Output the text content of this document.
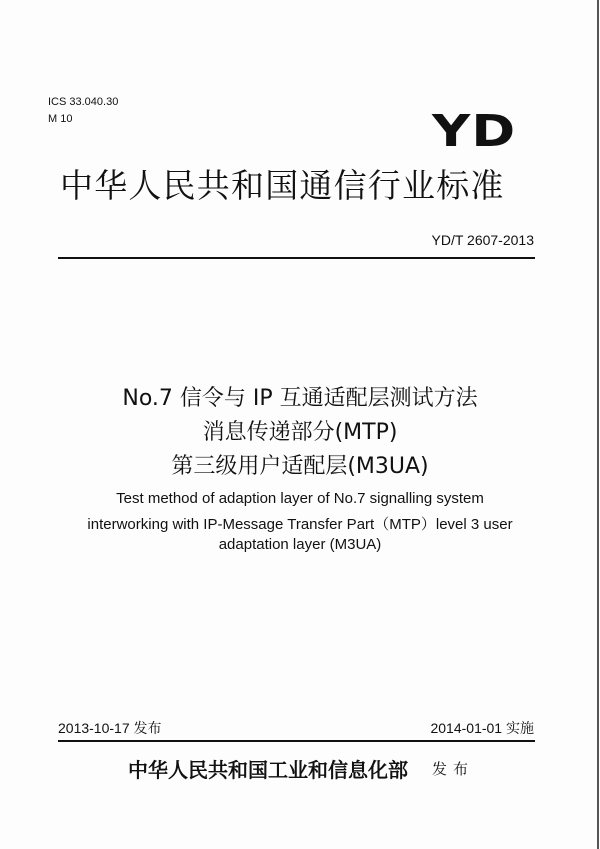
ICS 33.040.30
M 10	YD
中华人民共和国通信行业标准
YD/T 2607-2013
No.7 信令与 IP 互通适配层测试方法
消息传递部分(MTP)
第三级用户适配层(M3UA)
Test method of adaption layer of No.7 signalling system
interworking with IP-Message Transfer Part（MTP）level 3 user
adaptation layer (M3UA)
2013-10-17 发布	2014-01-01 实施
中华人民共和国工业和信息化部 发布
